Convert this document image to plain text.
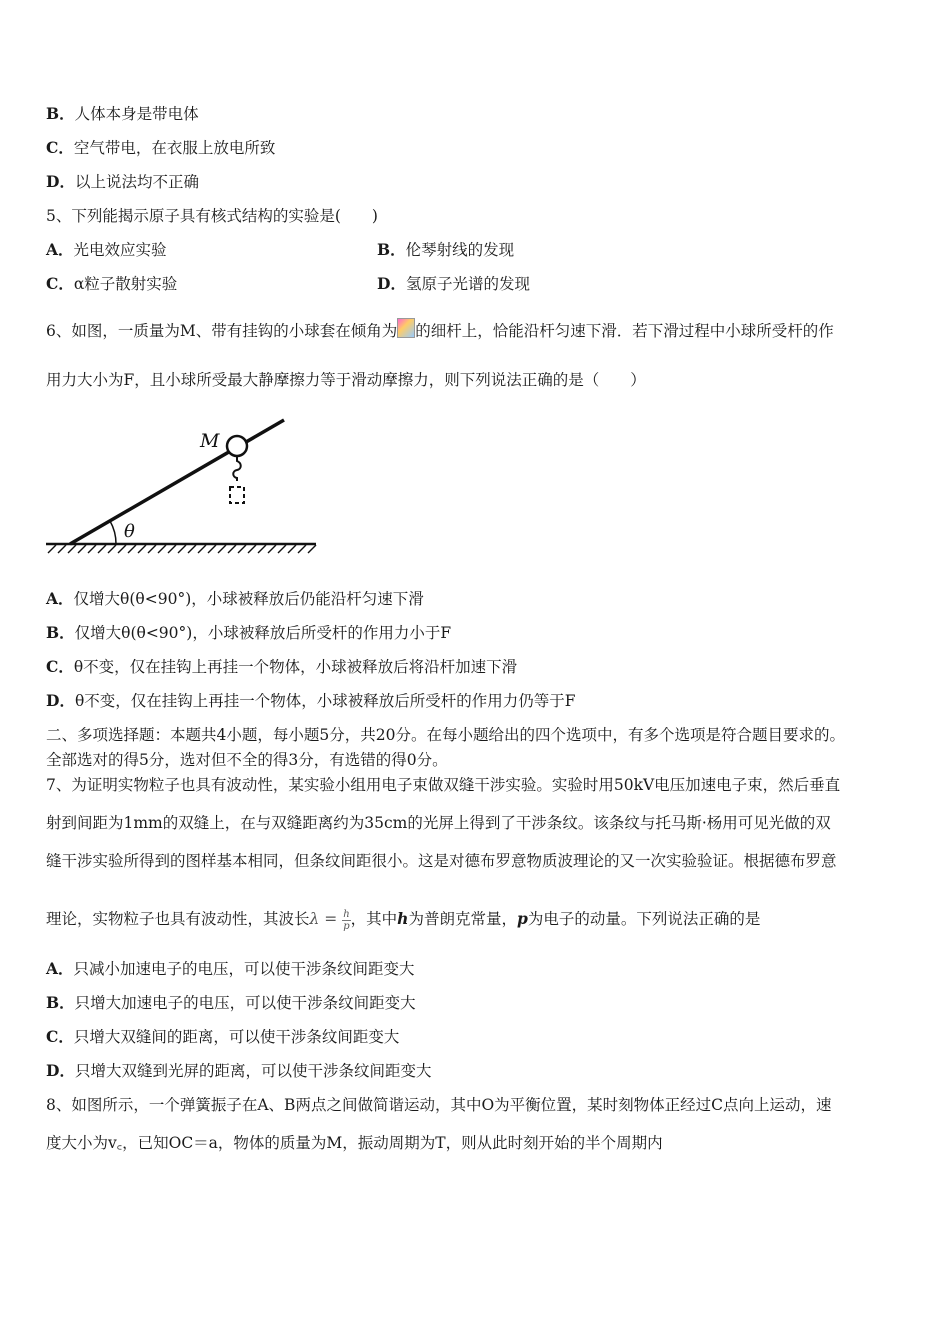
B．人体本身是带电体
C．空气带电，在衣服上放电所致
D．以上说法均不正确
5、下列能揭示原子具有核式结构的实验是(　　)
A．光电效应实验	B．伦琴射线的发现
C．α粒子散射实验	D．氢原子光谱的发现
6、如图，一质量为M、带有挂钩的小球套在倾角为 的细杆上，恰能沿杆匀速下滑．若下滑过程中小球所受杆的作
用力大小为F，且小球所受最大静摩擦力等于滑动摩擦力，则下列说法正确的是（　　）
θ
M
A．仅增大θ(θ<90°)，小球被释放后仍能沿杆匀速下滑
B．仅增大θ(θ<90°)，小球被释放后所受杆的作用力小于F
C．θ不变，仅在挂钩上再挂一个物体，小球被释放后将沿杆加速下滑
D．θ不变，仅在挂钩上再挂一个物体，小球被释放后所受杆的作用力仍等于F
二、多项选择题：本题共4小题，每小题5分，共20分。在每小题给出的四个选项中，有多个选项是符合题目要求的。
全部选对的得5分，选对但不全的得3分，有选错的得0分。
7、为证明实物粒子也具有波动性，某实验小组用电子束做双缝干涉实验。实验时用50kV电压加速电子束，然后垂直
射到间距为1mm的双缝上，在与双缝距离约为35cm的光屏上得到了干涉条纹。该条纹与托马斯·杨用可见光做的双
缝干涉实验所得到的图样基本相同，但条纹间距很小。这是对德布罗意物质波理论的又一次实验验证。根据德布罗意
理论，实物粒子也具有波动性，其波长$\lambda = \frac{h}{p}$ ，其中h为普朗克常量，p为电子的动量。下列说法正确的是
A．只减小加速电子的电压，可以使干涉条纹间距变大
B．只增大加速电子的电压，可以使干涉条纹间距变大
C．只增大双缝间的距离，可以使干涉条纹间距变大
D．只增大双缝到光屏的距离，可以使干涉条纹间距变大
8、如图所示，一个弹簧振子在A、B两点之间做简谐运动，其中O为平衡位置，某时刻物体正经过C点向上运动，速
度大小为v꜀，已知OC＝a，物体的质量为M，振动周期为T，则从此时刻开始的半个周期内
